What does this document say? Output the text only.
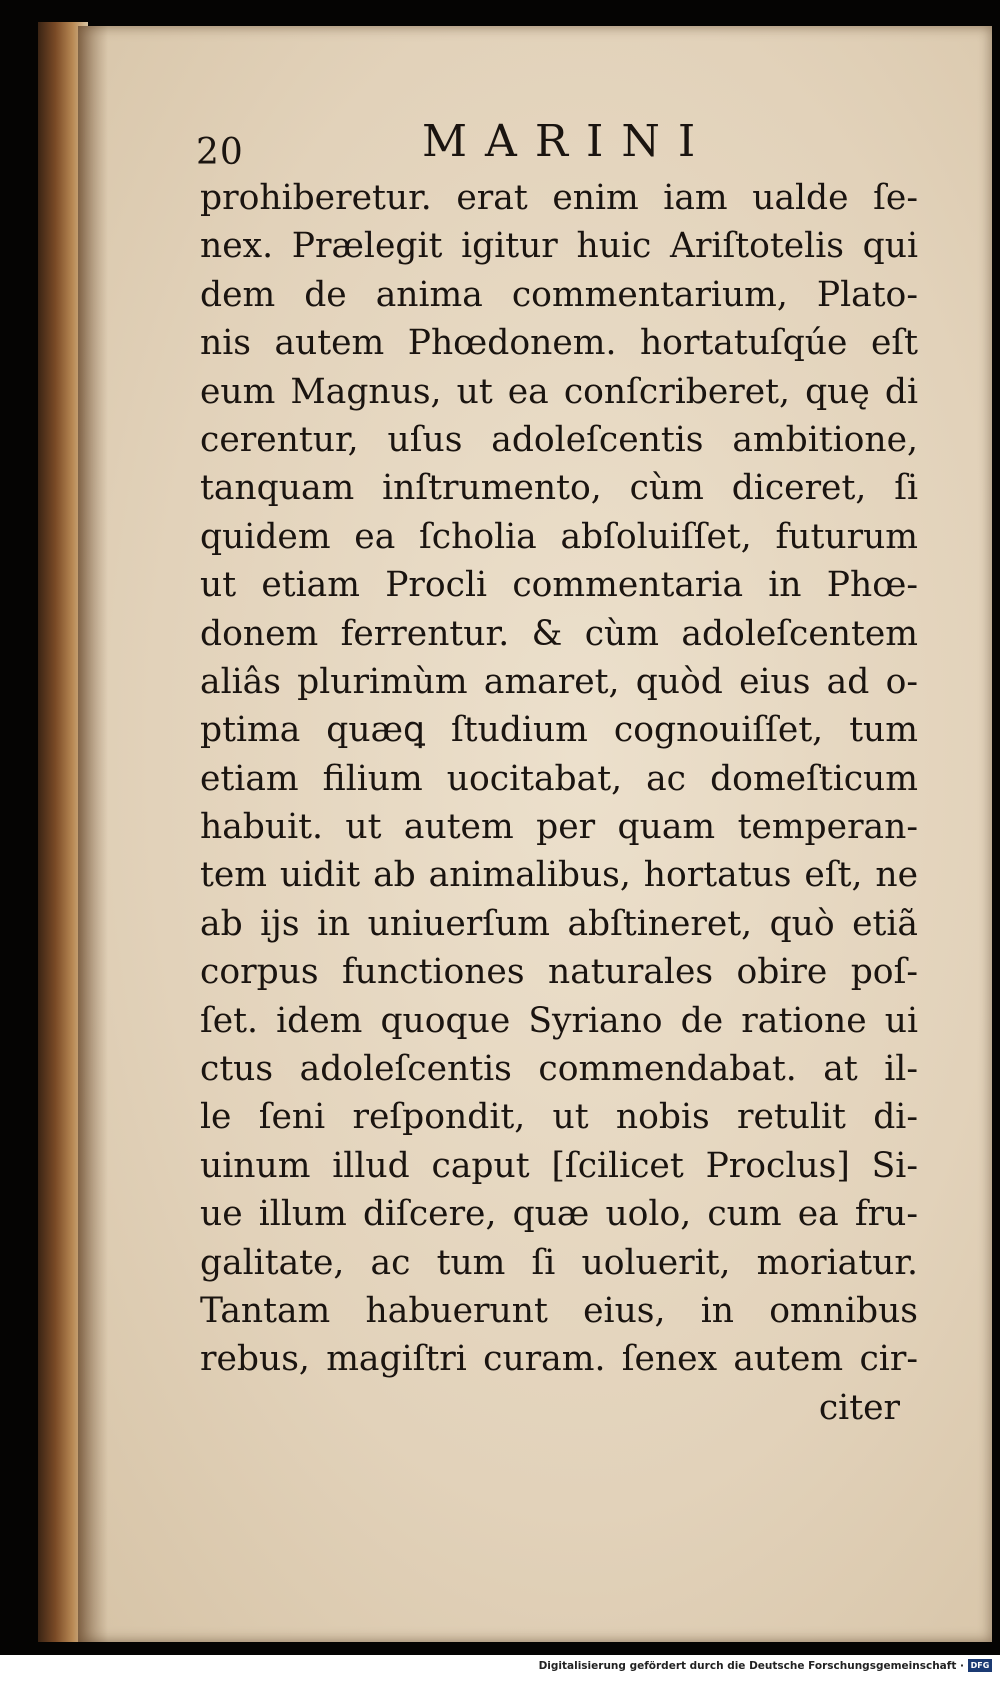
20	MARINI
prohiberetur. erat enim iam ualde ſe-
nex. Prælegit igitur huic Ariſtotelis qui
dem de anima commentarium, Plato-
nis autem Phœdonem. hortatuſqúe eſt
eum Magnus, ut ea conſcriberet, quę di
cerentur, uſus adoleſcentis ambitione,
tanquam inſtrumento, cùm diceret, ſi
quidem ea ſcholia abſoluiſſet, futurum
ut etiam Procli commentaria in Phœ-
donem ferrentur. & cùm adoleſcentem
aliâs plurimùm amaret, quòd eius ad o-
ptima quæꝗ ſtudium cognouiſſet, tum
etiam filium uocitabat, ac domeſticum
habuit. ut autem per quam temperan-
tem uidit ab animalibus, hortatus eſt, ne
ab ijs in uniuerſum abſtineret, quò etiã
corpus functiones naturales obire poſ-
ſet. idem quoque Syriano de ratione ui
ctus adoleſcentis commendabat. at il-
le ſeni reſpondit, ut nobis retulit di-
uinum illud caput [ſcilicet Proclus] Si-
ue illum diſcere, quæ uolo, cum ea fru-
galitate, ac tum ſi uoluerit, moriatur.
Tantam habuerunt eius, in omnibus
rebus, magiſtri curam. ſenex autem cir-
citer
Digitalisierung gefördert durch die Deutsche Forschungsgemeinschaft · DFG
